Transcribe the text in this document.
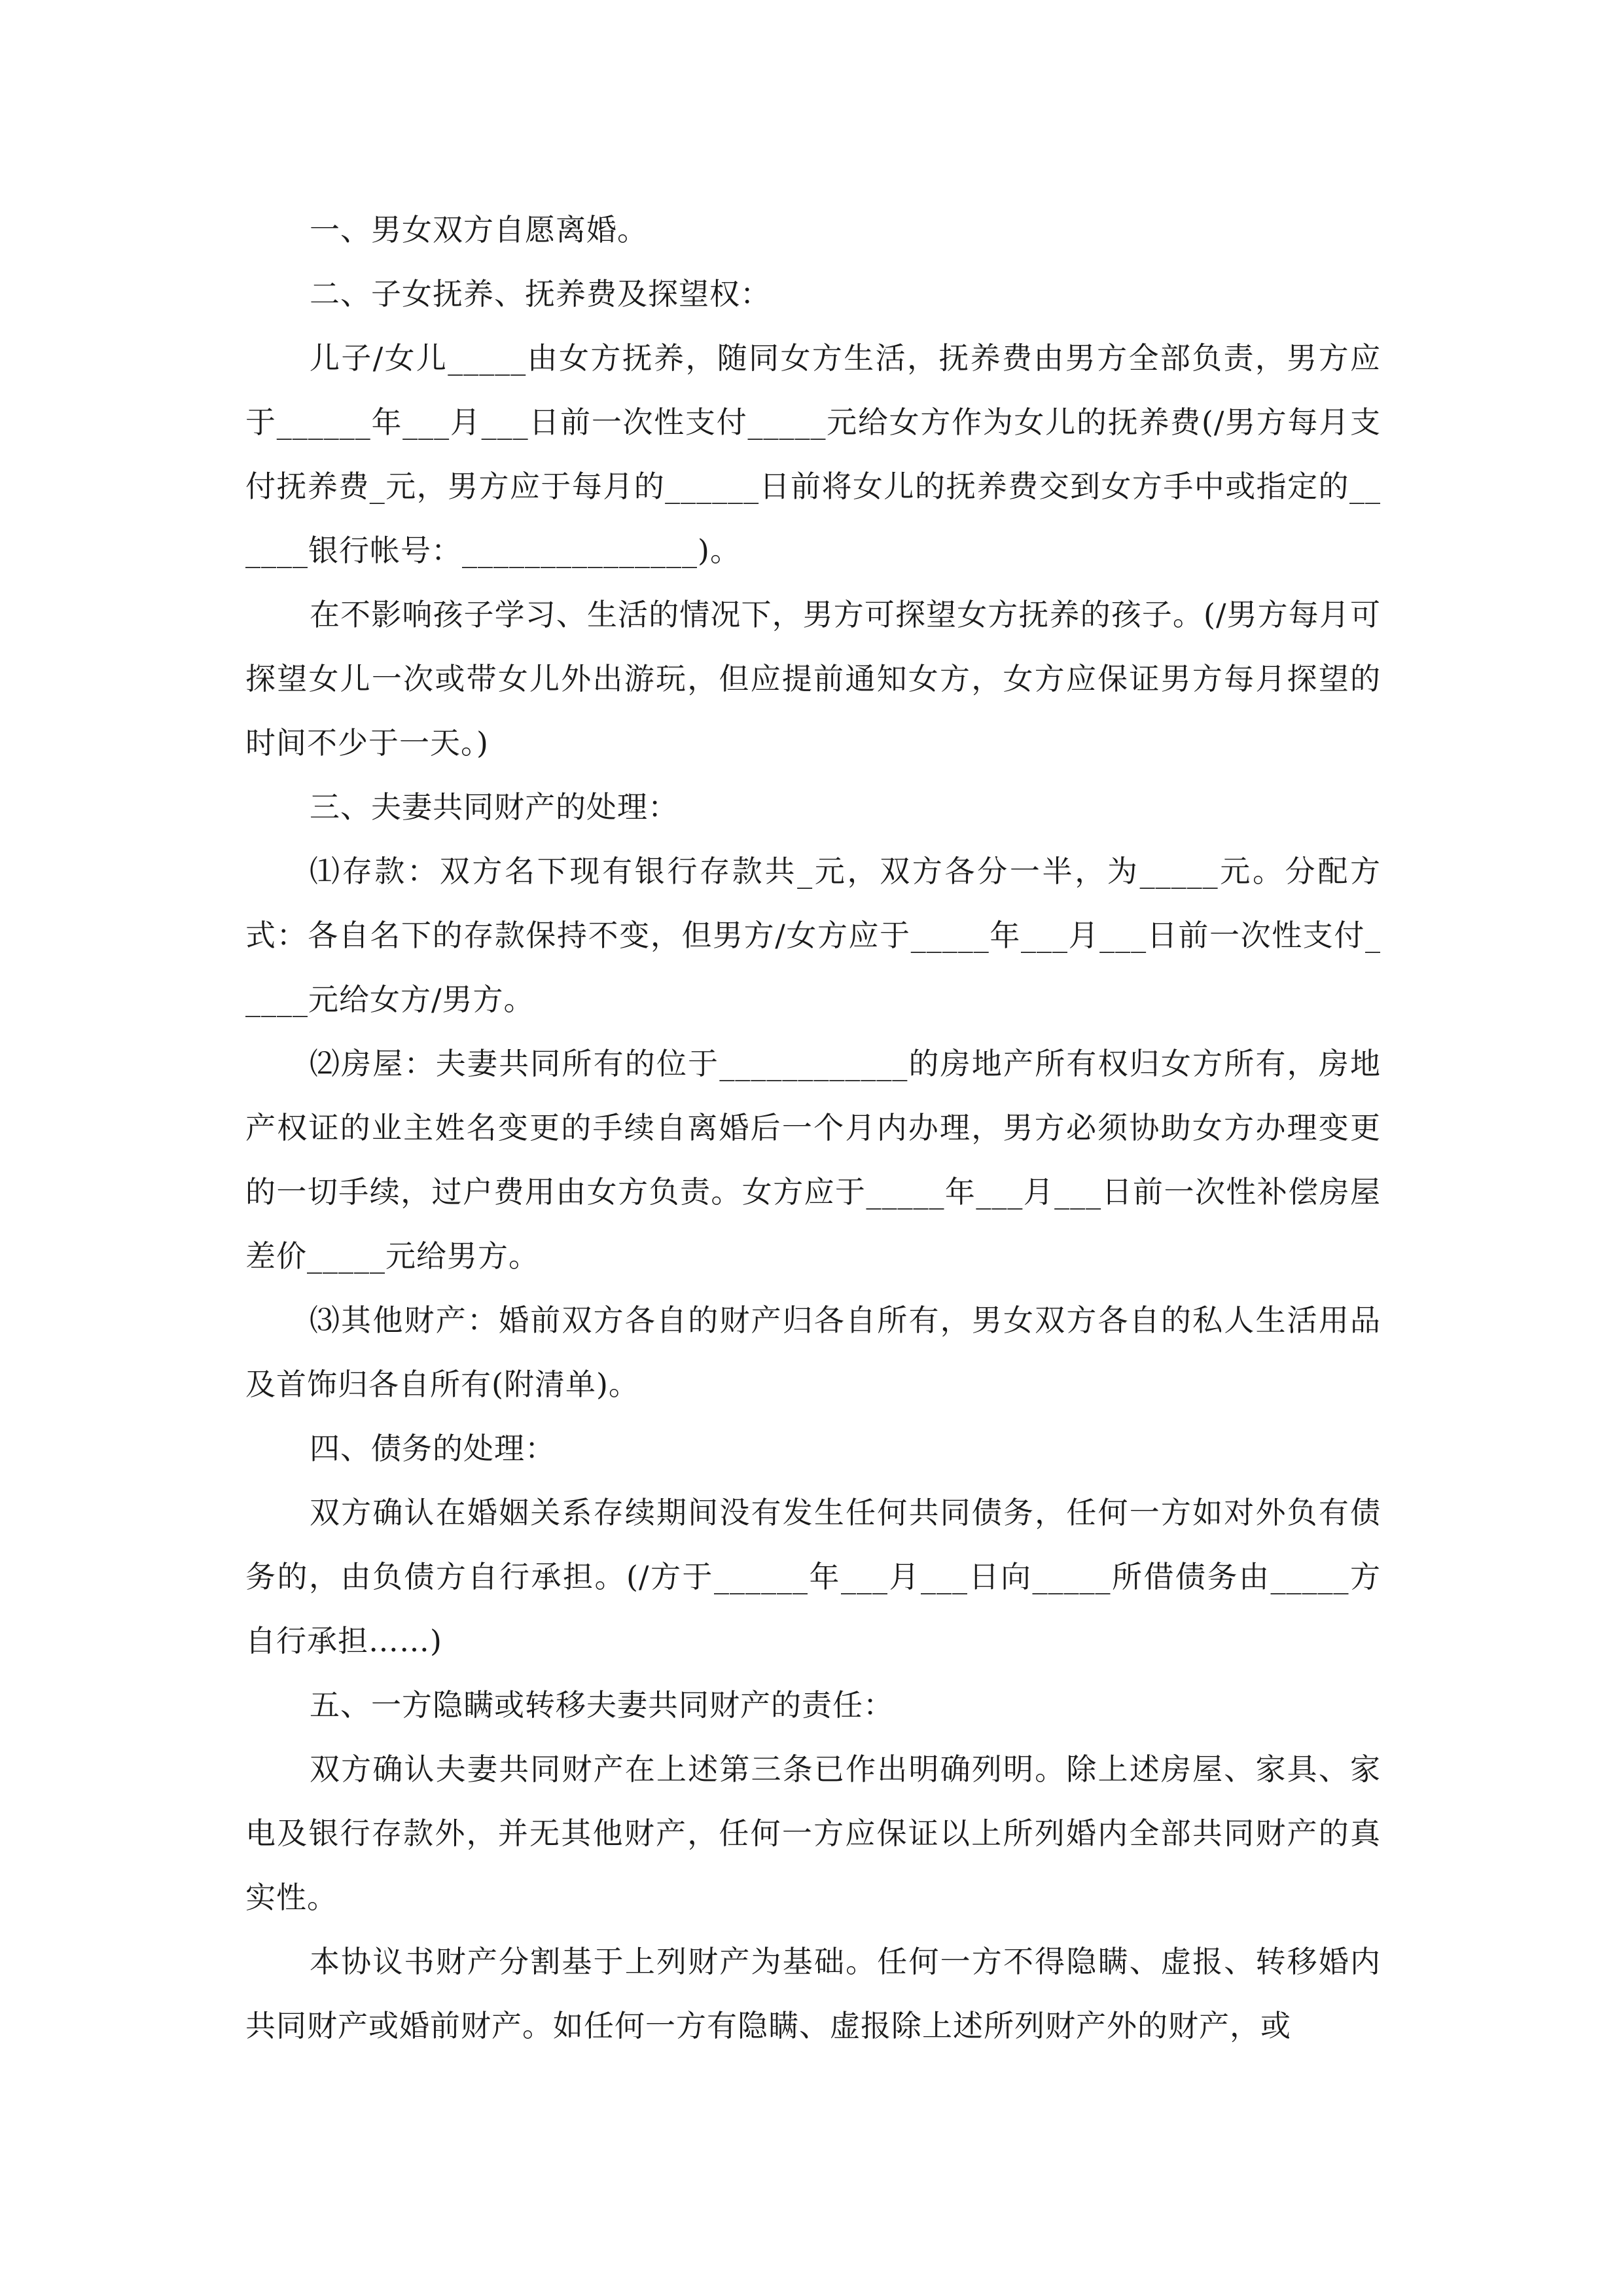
一、男女双方自愿离婚。

二、子女抚养、抚养费及探望权：

儿子/女儿_____由女方抚养，随同女方生活，抚养费由男方全部负责，男方应于______年___月___日前一次性支付_____元给女方作为女儿的抚养费(/男方每月支付抚养费_元，男方应于每月的______日前将女儿的抚养费交到女方手中或指定的______银行帐号：_______________)。

在不影响孩子学习、生活的情况下，男方可探望女方抚养的孩子。(/男方每月可探望女儿一次或带女儿外出游玩，但应提前通知女方，女方应保证男方每月探望的时间不少于一天。)

三、夫妻共同财产的处理：

⑴存款：双方名下现有银行存款共_元，双方各分一半，为_____元。分配方式：各自名下的存款保持不变，但男方/女方应于_____年___月___日前一次性支付_____元给女方/男方。

⑵房屋：夫妻共同所有的位于____________的房地产所有权归女方所有，房地产权证的业主姓名变更的手续自离婚后一个月内办理，男方必须协助女方办理变更的一切手续，过户费用由女方负责。女方应于_____年___月___日前一次性补偿房屋差价_____元给男方。

⑶其他财产：婚前双方各自的财产归各自所有，男女双方各自的私人生活用品及首饰归各自所有(附清单)。

四、债务的处理：

双方确认在婚姻关系存续期间没有发生任何共同债务，任何一方如对外负有债务的，由负债方自行承担。(/方于______年___月___日向_____所借债务由_____方自行承担……)

五、一方隐瞒或转移夫妻共同财产的责任：

双方确认夫妻共同财产在上述第三条已作出明确列明。除上述房屋、家具、家电及银行存款外，并无其他财产，任何一方应保证以上所列婚内全部共同财产的真实性。

本协议书财产分割基于上列财产为基础。任何一方不得隐瞒、虚报、转移婚内共同财产或婚前财产。如任何一方有隐瞒、虚报除上述所列财产外的财产，或
